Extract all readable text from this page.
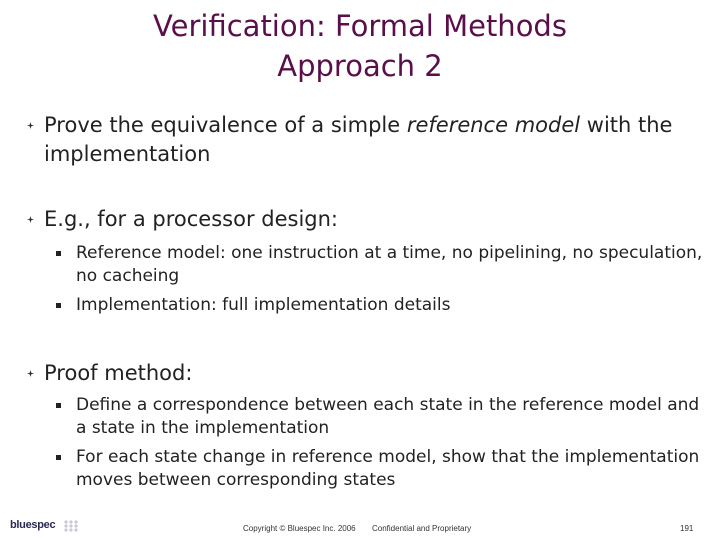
Verification: Formal Methods
Approach 2
Prove the equivalence of a simple reference model with the implementation
E.g., for a processor design:
Reference model: one instruction at a time, no pipelining, no speculation, no cacheing
Implementation: full implementation details
Proof method:
Define a correspondence between each state in the reference model and a state in the implementation
For each state change in reference model, show that the implementation moves between corresponding states
bluespec	Copyright © Bluespec Inc. 2006 Confidential and Proprietary	191
